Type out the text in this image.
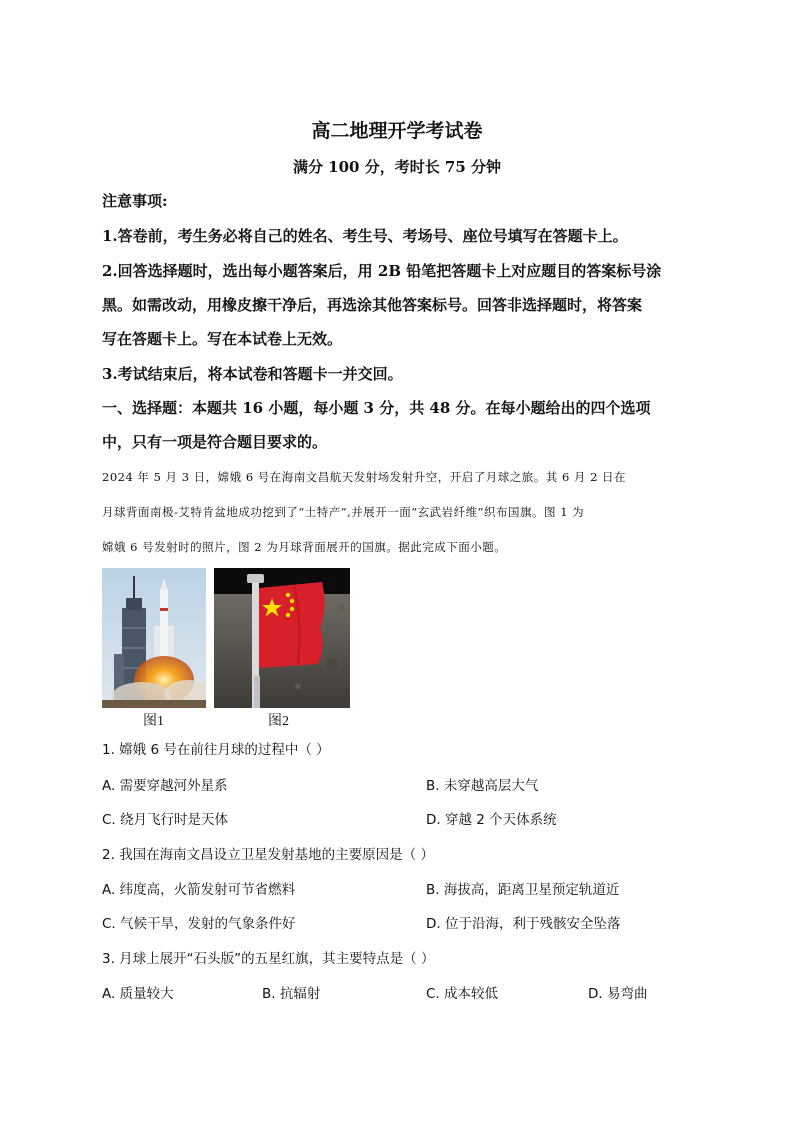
高二地理开学考试卷
满分 100 分，考时长 75 分钟
注意事项:
1.答卷前，考生务必将自己的姓名、考生号、考场号、座位号填写在答题卡上。
2.回答选择题时，选出每小题答案后，用 2B 铅笔把答题卡上对应题目的答案标号涂
黑。如需改动，用橡皮擦干净后，再选涂其他答案标号。回答非选择题时，将答案
写在答题卡上。写在本试卷上无效。
3.考试结束后，将本试卷和答题卡一并交回。
一、选择题：本题共 16 小题，每小题 3 分，共 48 分。在每小题给出的四个选项
中，只有一项是符合题目要求的。
2024 年 5 月 3 日，嫦娥 6 号在海南文昌航天发射场发射升空，开启了月球之旅。其 6 月 2 日在
月球背面南极-艾特肯盆地成功挖到了“土特产”,并展开一面“玄武岩纤维”织布国旗。图 1 为
嫦娥 6 号发射时的照片，图 2 为月球背面展开的国旗。据此完成下面小题。
图1	图2
1. 嫦娥 6 号在前往月球的过程中（ ）
A. 需要穿越河外星系	B. 未穿越高层大气
C. 绕月飞行时是天体	D. 穿越 2 个天体系统
2. 我国在海南文昌设立卫星发射基地的主要原因是（ ）
A. 纬度高，火箭发射可节省燃料	B. 海拔高，距离卫星预定轨道近
C. 气候干旱，发射的气象条件好	D. 位于沿海，利于残骸安全坠落
3. 月球上展开“石头版”的五星红旗，其主要特点是（ ）
A. 质量较大	B. 抗辐射	C. 成本较低	D. 易弯曲
